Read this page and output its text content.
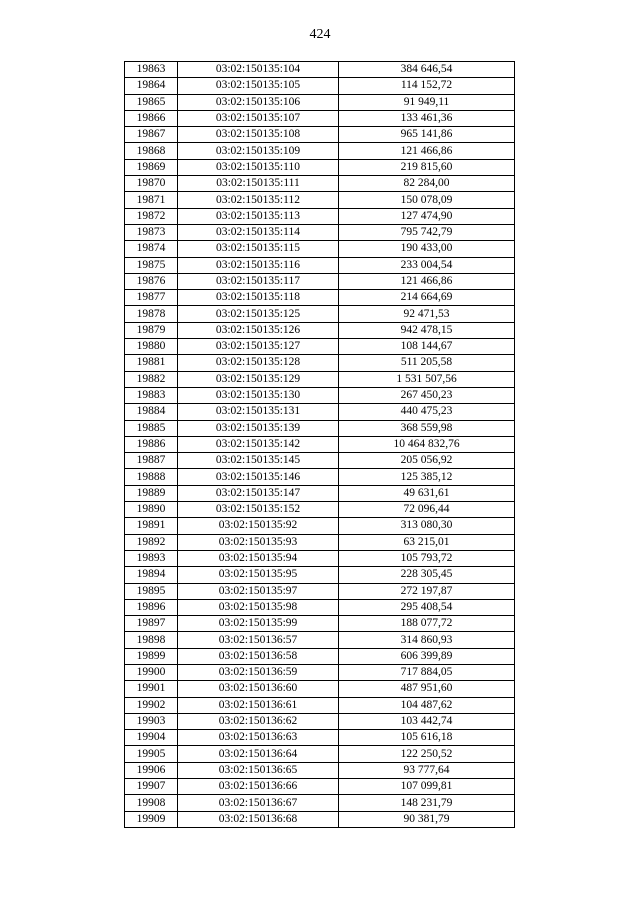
424
19863	03:02:150135:104	384 646,54
19864	03:02:150135:105	114 152,72
19865	03:02:150135:106	91 949,11
19866	03:02:150135:107	133 461,36
19867	03:02:150135:108	965 141,86
19868	03:02:150135:109	121 466,86
19869	03:02:150135:110	219 815,60
19870	03:02:150135:111	82 284,00
19871	03:02:150135:112	150 078,09
19872	03:02:150135:113	127 474,90
19873	03:02:150135:114	795 742,79
19874	03:02:150135:115	190 433,00
19875	03:02:150135:116	233 004,54
19876	03:02:150135:117	121 466,86
19877	03:02:150135:118	214 664,69
19878	03:02:150135:125	92 471,53
19879	03:02:150135:126	942 478,15
19880	03:02:150135:127	108 144,67
19881	03:02:150135:128	511 205,58
19882	03:02:150135:129	1 531 507,56
19883	03:02:150135:130	267 450,23
19884	03:02:150135:131	440 475,23
19885	03:02:150135:139	368 559,98
19886	03:02:150135:142	10 464 832,76
19887	03:02:150135:145	205 056,92
19888	03:02:150135:146	125 385,12
19889	03:02:150135:147	49 631,61
19890	03:02:150135:152	72 096,44
19891	03:02:150135:92	313 080,30
19892	03:02:150135:93	63 215,01
19893	03:02:150135:94	105 793,72
19894	03:02:150135:95	228 305,45
19895	03:02:150135:97	272 197,87
19896	03:02:150135:98	295 408,54
19897	03:02:150135:99	188 077,72
19898	03:02:150136:57	314 860,93
19899	03:02:150136:58	606 399,89
19900	03:02:150136:59	717 884,05
19901	03:02:150136:60	487 951,60
19902	03:02:150136:61	104 487,62
19903	03:02:150136:62	103 442,74
19904	03:02:150136:63	105 616,18
19905	03:02:150136:64	122 250,52
19906	03:02:150136:65	93 777,64
19907	03:02:150136:66	107 099,81
19908	03:02:150136:67	148 231,79
19909	03:02:150136:68	90 381,79
